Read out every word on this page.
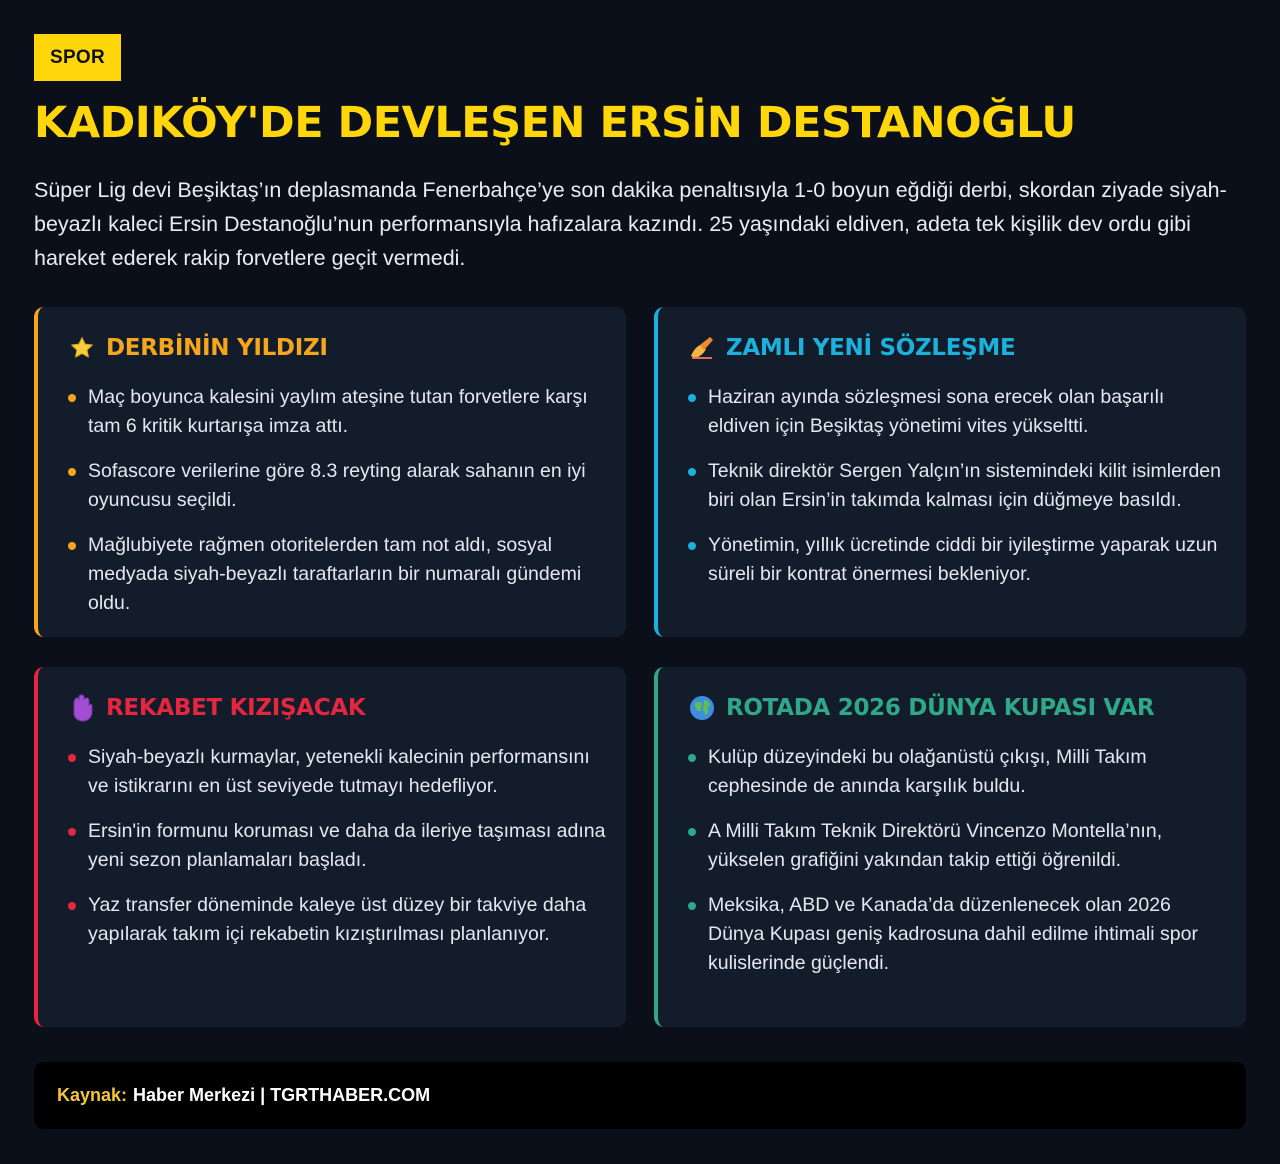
SPOR
KADIKÖY'DE DEVLEŞEN ERSİN DESTANOĞLU

Süper Lig devi Beşiktaş’ın deplasmanda Fenerbahçe’ye son dakika penaltısıyla 1-0 boyun eğdiği derbi, skordan ziyade siyah-beyazlı kaleci Ersin Destanoğlu’nun performansıyla hafızalara kazındı. 25 yaşındaki eldiven, adeta tek kişilik dev ordu gibi hareket ederek rakip forvetlere geçit vermedi.

DERBİNİN YILDIZI
Maç boyunca kalesini yaylım ateşine tutan forvetlere karşı tam 6 kritik kurtarışa imza attı.
Sofascore verilerine göre 8.3 reyting alarak sahanın en iyi oyuncusu seçildi.
Mağlubiyete rağmen otoritelerden tam not aldı, sosyal medyada siyah-beyazlı taraftarların bir numaralı gündemi oldu.
ZAMLI YENİ SÖZLEŞME
Haziran ayında sözleşmesi sona erecek olan başarılı eldiven için Beşiktaş yönetimi vites yükseltti.
Teknik direktör Sergen Yalçın’ın sistemindeki kilit isimlerden biri olan Ersin’in takımda kalması için düğmeye basıldı.
Yönetimin, yıllık ücretinde ciddi bir iyileştirme yaparak uzun süreli bir kontrat önermesi bekleniyor.
REKABET KIZIŞACAK
Siyah-beyazlı kurmaylar, yetenekli kalecinin performansını ve istikrarını en üst seviyede tutmayı hedefliyor.
Ersin'in formunu koruması ve daha da ileriye taşıması adına yeni sezon planlamaları başladı.
Yaz transfer döneminde kaleye üst düzey bir takviye daha yapılarak takım içi rekabetin kızıştırılması planlanıyor.
ROTADA 2026 DÜNYA KUPASI VAR
Kulüp düzeyindeki bu olağanüstü çıkışı, Milli Takım cephesinde de anında karşılık buldu.
A Milli Takım Teknik Direktörü Vincenzo Montella’nın, yükselen grafiğini yakından takip ettiği öğrenildi.
Meksika, ABD ve Kanada’da düzenlenecek olan 2026 Dünya Kupası geniş kadrosuna dahil edilme ihtimali spor kulislerinde güçlendi.
Kaynak: Haber Merkezi | TGRTHABER.COM
